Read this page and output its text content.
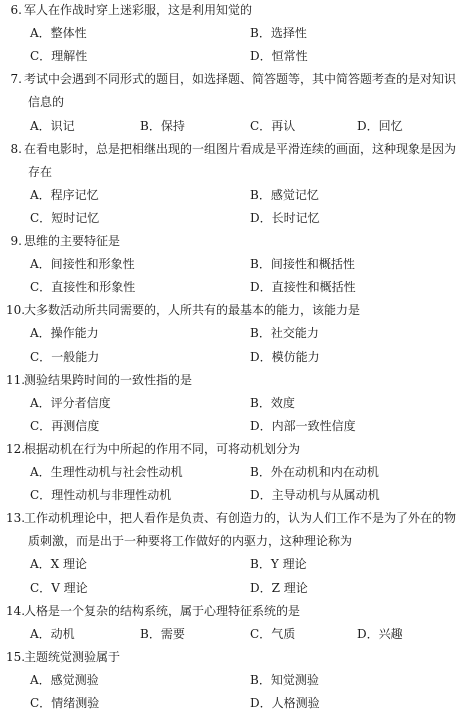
6. 军人在作战时穿上迷彩服，这是利用知觉的
A．整体性	B．选择性
C．理解性	D．恒常性
7. 考试中会遇到不同形式的题目，如选择题、简答题等，其中简答题考查的是对知识
信息的
A．识记	B．保持	C．再认	D．回忆
8. 在看电影时，总是把相继出现的一组图片看成是平滑连续的画面，这种现象是因为
存在
A．程序记忆	B．感觉记忆
C．短时记忆	D．长时记忆
9. 思维的主要特征是
A．间接性和形象性	B．间接性和概括性
C．直接性和形象性	D．直接性和概括性
10.大多数活动所共同需要的，人所共有的最基本的能力，该能力是
A．操作能力	B．社交能力
C．一般能力	D．模仿能力
11.测验结果跨时间的一致性指的是
A．评分者信度	B．效度
C．再测信度	D．内部一致性信度
12.根据动机在行为中所起的作用不同，可将动机划分为
A．生理性动机与社会性动机	B．外在动机和内在动机
C．理性动机与非理性动机	D．主导动机与从属动机
13.工作动机理论中，把人看作是负责、有创造力的，认为人们工作不是为了外在的物
质刺激，而是出于一种要将工作做好的内驱力，这种理论称为
A．X 理论	B．Y 理论
C．V 理论	D．Z 理论
14.人格是一个复杂的结构系统，属于心理特征系统的是
A．动机	B．需要	C．气质	D．兴趣
15.主题统觉测验属于
A．感觉测验	B．知觉测验
C．情绪测验	D．人格测验
